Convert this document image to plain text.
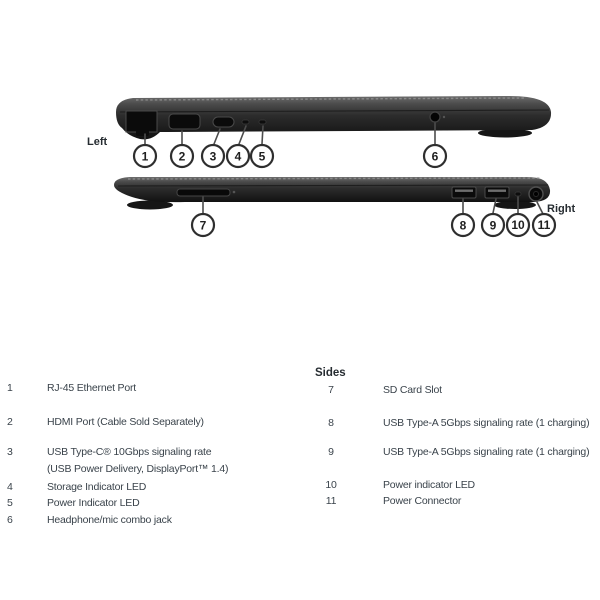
1	2 3 4 5	6
7	8 9 10 11
Left
Right
Sides
1	RJ-45 Ethernet Port
2	HDMI Port (Cable Sold Separately)
3	USB Type-C® 10Gbps signaling rate
(USB Power Delivery, DisplayPort™ 1.4)
4	Storage Indicator LED
5	Power Indicator LED
6	Headphone/mic combo jack
7	SD Card Slot
8	USB Type-A 5Gbps signaling rate (1 charging)
9	USB Type-A 5Gbps signaling rate (1 charging)
10	Power indicator LED
11	Power Connector
